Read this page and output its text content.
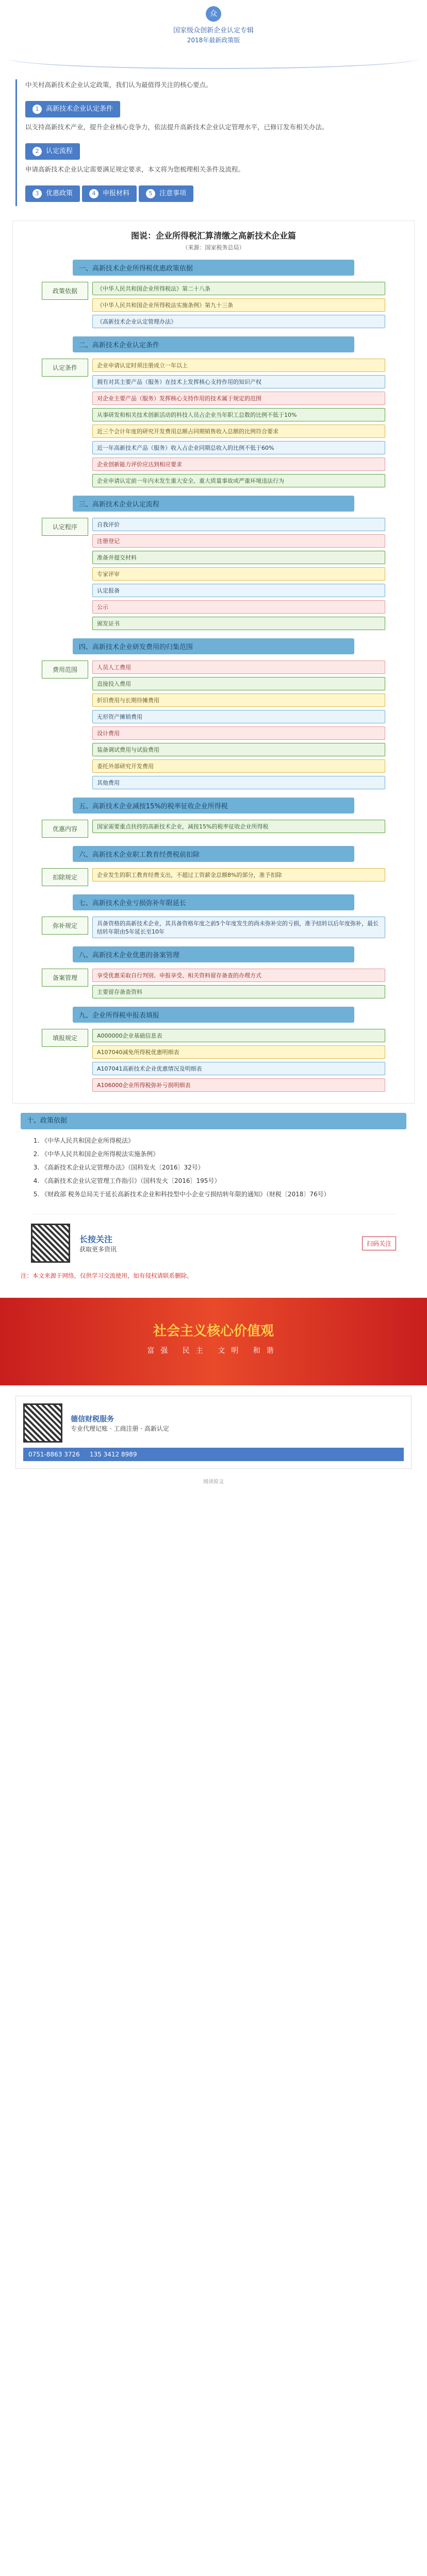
众
国家级众创新企业认定专辑
2018年最新政策版

中关村高新技术企业认定政策，我们认为最值得关注的核心要点。

1 高新技术企业认定条件

以支持高新技术产业，提升企业核心竞争力，依法提升高新技术企业认定管理水平，已修订发布相关办法。

2 认定流程

申请高新技术企业认定需要满足规定要求，本文将为您梳理相关条件及流程。

3 优惠政策	4 申报材料	5 注意事项
图说：企业所得税汇算清缴之高新技术企业篇
（来源：国家税务总局）
一、高新技术企业所得税优惠政策依据
政策依据	《中华人民共和国企业所得税法》第二十八条
《中华人民共和国企业所得税法实施条例》第九十三条
《高新技术企业认定管理办法》
二、高新技术企业认定条件
认定条件	企业申请认定时须注册成立一年以上
拥有对其主要产品（服务）在技术上发挥核心支持作用的知识产权
对企业主要产品（服务）发挥核心支持作用的技术属于规定的范围
从事研发和相关技术创新活动的科技人员占企业当年职工总数的比例不低于10%
近三个会计年度的研究开发费用总额占同期销售收入总额的比例符合要求
近一年高新技术产品（服务）收入占企业同期总收入的比例不低于60%
企业创新能力评价应达到相应要求
企业申请认定前一年内未发生重大安全、重大质量事故或严重环境违法行为
三、高新技术企业认定流程
认定程序	自我评价
注册登记
准备并提交材料
专家评审
认定报备
公示
颁发证书
四、高新技术企业研发费用的归集范围
费用范围	人员人工费用
直接投入费用
折旧费用与长期待摊费用
无形资产摊销费用
设计费用
装备调试费用与试验费用
委托外部研究开发费用
其他费用
五、高新技术企业减按15%的税率征收企业所得税
优惠内容	国家需要重点扶持的高新技术企业，减按15%的税率征收企业所得税
六、高新技术企业职工教育经费税前扣除
扣除规定	企业发生的职工教育经费支出，不超过工资薪金总额8%的部分，准予扣除
七、高新技术企业亏损弥补年限延长
弥补规定	具备资格的高新技术企业，其具备资格年度之前5个年度发生的尚未弥补完的亏损，准予结转以后年度弥补，最长结转年限由5年延长至10年
八、高新技术企业优惠的备案管理
备案管理	享受优惠采取自行判别、申报享受、相关资料留存备查的办理方式
主要留存备查资料
九、企业所得税申报表填报
填报规定	A000000企业基础信息表
A107040减免所得税优惠明细表
A107041高新技术企业优惠情况及明细表
A106000企业所得税弥补亏损明细表
十、政策依据
1. 《中华人民共和国企业所得税法》
2. 《中华人民共和国企业所得税法实施条例》
3. 《高新技术企业认定管理办法》（国科发火〔2016〕32号）
4. 《高新技术企业认定管理工作指引》（国科发火〔2016〕195号）
5. 《财政部 税务总局关于延长高新技术企业和科技型中小企业亏损结转年限的通知》（财税〔2018〕76号）
长按关注
获取更多资讯
扫码关注
注：本文来源于网络，仅供学习交流使用，如有侵权请联系删除。
社会主义核心价值观
富强 民主 文明 和谐
德信财税服务
专业代理记账 · 工商注册 · 高新认定
0751-8863 3726 135 3412 8989
阅读原文
